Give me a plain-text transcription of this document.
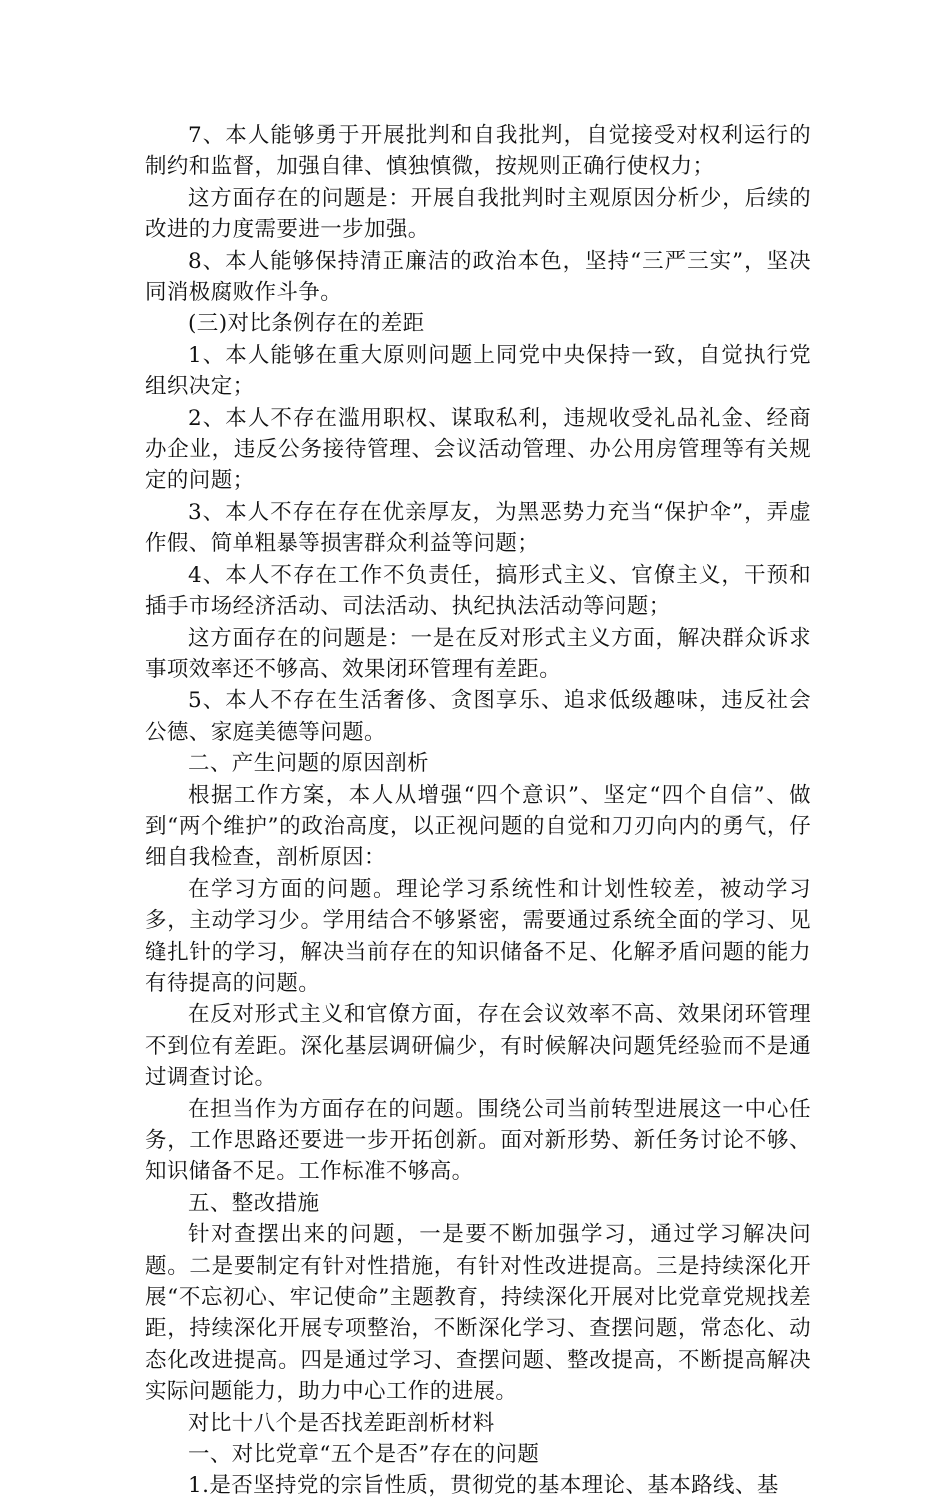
7、本人能够勇于开展批判和自我批判，自觉接受对权利运行的制约和监督，加强自律、慎独慎微，按规则正确行使权力；

这方面存在的问题是：开展自我批判时主观原因分析少，后续的改进的力度需要进一步加强。

8、本人能够保持清正廉洁的政治本色，坚持“三严三实”，坚决同消极腐败作斗争。

(三)对比条例存在的差距

1、本人能够在重大原则问题上同党中央保持一致，自觉执行党组织决定；

2、本人不存在滥用职权、谋取私利，违规收受礼品礼金、经商办企业，违反公务接待管理、会议活动管理、办公用房管理等有关规定的问题；

3、本人不存在存在优亲厚友，为黑恶势力充当“保护伞”，弄虚作假、简单粗暴等损害群众利益等问题；

4、本人不存在工作不负责任，搞形式主义、官僚主义，干预和插手市场经济活动、司法活动、执纪执法活动等问题；

这方面存在的问题是：一是在反对形式主义方面，解决群众诉求事项效率还不够高、效果闭环管理有差距。

5、本人不存在生活奢侈、贪图享乐、追求低级趣味，违反社会公德、家庭美德等问题。

二、产生问题的原因剖析

根据工作方案，本人从增强“四个意识”、坚定“四个自信”、做到“两个维护”的政治高度，以正视问题的自觉和刀刃向内的勇气，仔细自我检查，剖析原因：

在学习方面的问题。理论学习系统性和计划性较差，被动学习多，主动学习少。学用结合不够紧密，需要通过系统全面的学习、见缝扎针的学习，解决当前存在的知识储备不足、化解矛盾问题的能力有待提高的问题。

在反对形式主义和官僚方面，存在会议效率不高、效果闭环管理不到位有差距。深化基层调研偏少，有时候解决问题凭经验而不是通过调查讨论。

在担当作为方面存在的问题。围绕公司当前转型进展这一中心任务，工作思路还要进一步开拓创新。面对新形势、新任务讨论不够、知识储备不足。工作标准不够高。

五、整改措施

针对查摆出来的问题，一是要不断加强学习，通过学习解决问题。二是要制定有针对性措施，有针对性改进提高。三是持续深化开展“不忘初心、牢记使命”主题教育，持续深化开展对比党章党规找差距，持续深化开展专项整治，不断深化学习、查摆问题，常态化、动态化改进提高。四是通过学习、查摆问题、整改提高，不断提高解决实际问题能力，助力中心工作的进展。

对比十八个是否找差距剖析材料

一、对比党章“五个是否”存在的问题

1.是否坚持党的宗旨性质，贯彻党的基本理论、基本路线、基
